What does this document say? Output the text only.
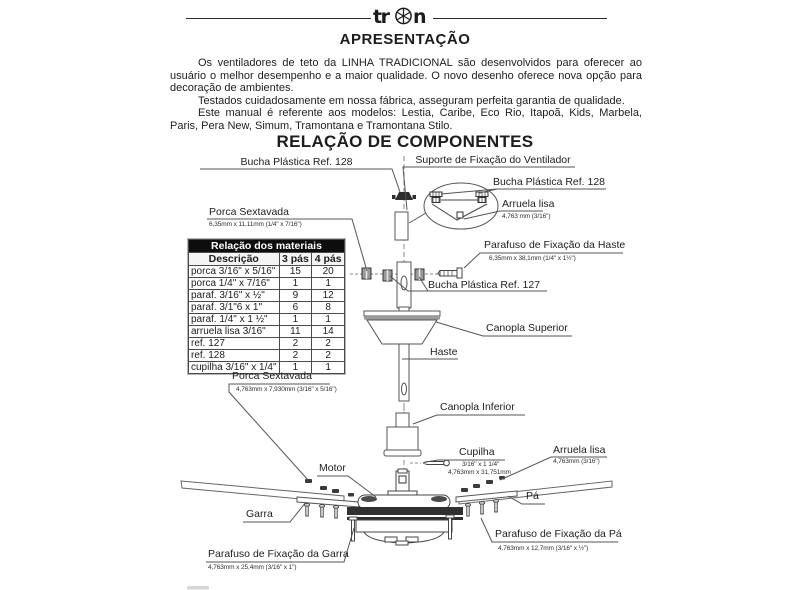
tr n
APRESENTAÇÃO

Os ventiladores de teto da LINHA TRADICIONAL são desenvolvidos para oferecer ao usuário o melhor desempenho e a maior qualidade. O novo desenho oferece nova opção para decoração de ambientes.

Testados cuidadosamente em nossa fábrica, asseguram perfeita garantia de qualidade.

Este manual é referente aos modelos: Lestia, Caribe, Eco Rio, Itapoã, Kids, Marbela, Paris, Pera New, Simum, Tramontana e Tramontana Stilo.

RELAÇÃO DE COMPONENTES
Relação dos materiais		
Descrição	3 pás	4 pás
porca 3/16" x 5/16"	15	20
porca 1/4" x 7/16"	1	1
paraf. 3/16" x ½"	9	12
paraf. 3/1"6 x 1"	6	8
paraf. 1/4" x 1 ½"	1	1
arruela lisa 3/16"	11	14
ref. 127	2	2
ref. 128	2	2
cupilha 3/16" x 1/4"	1	1
Bucha Plástica Ref. 128	Suporte de Fixação do Ventilador
Bucha Plástica Ref. 128
Arruela lisa
4,763 mm (3/16")
Porca Sextavada
6,35mm x 11,11mm (1/4" x 7/16")
Parafuso de Fixação da Haste
6,35mm x 38,1mm (1/4" x 1½")
Bucha Plástica Ref. 127
Canopla Superior
Haste
Porca Sextavada
4,763mm x 7,930mm (3/16" x 5/16")
Canopla Inferior
Cupilha
3/16" x 1 1/4"
4,763mm x 31,751mm
Arruela lisa
4,763mm (3/16")
Motor
Pá
Garra
Parafuso de Fixação da Pá
4,763mm x 12,7mm (3/16" x ½")
Parafuso de Fixação da Garra
4,763mm x 25,4mm (3/16" x 1")
